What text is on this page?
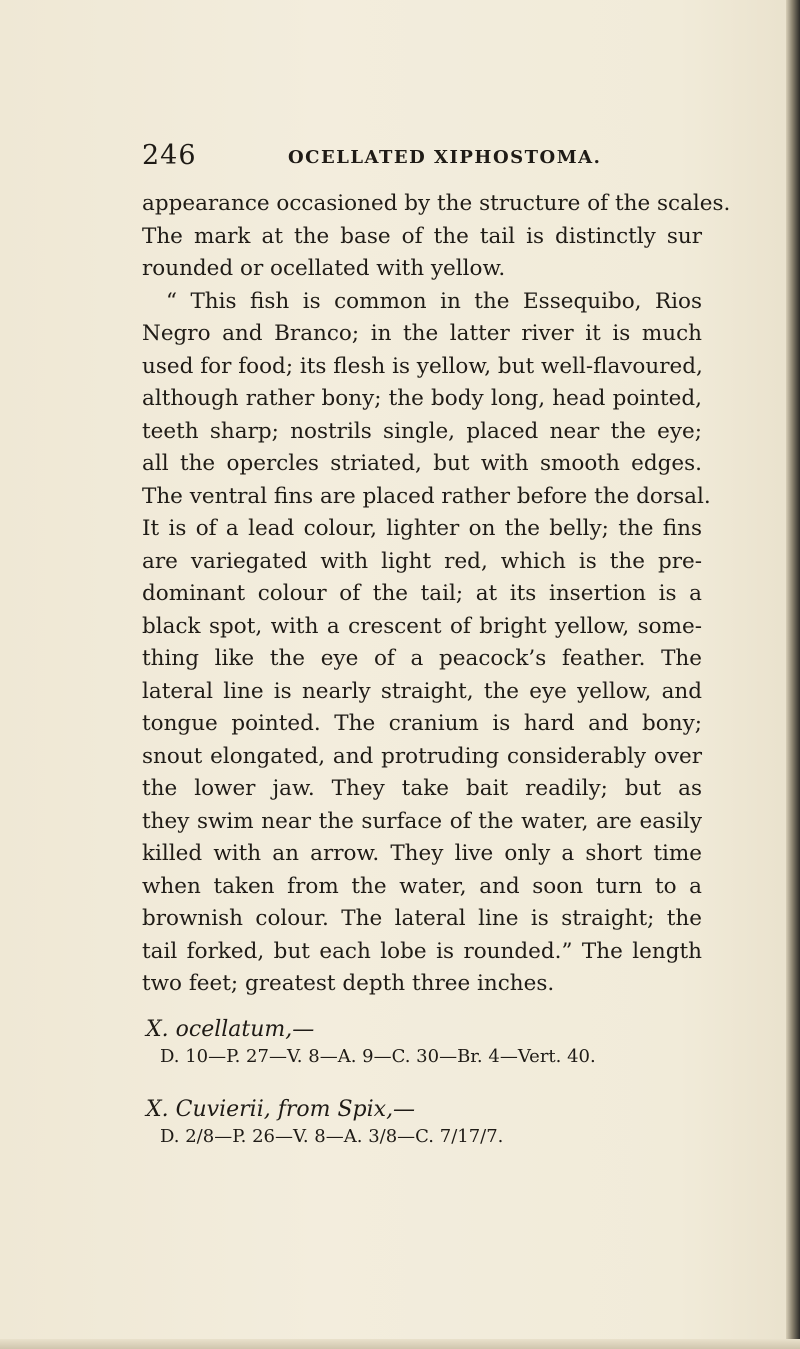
246	OCELLATED XIPHOSTOMA.
appearance occasioned by the structure of the scales.
The mark at the base of the tail is distinctly sur
rounded or ocellated with yellow.
“ This fish is common in the Essequibo, Rios
Negro and Branco; in the latter river it is much
used for food; its flesh is yellow, but well-flavoured,
although rather bony; the body long, head pointed,
teeth sharp; nostrils single, placed near the eye;
all the opercles striated, but with smooth edges.
The ventral fins are placed rather before the dorsal.
It is of a lead colour, lighter on the belly; the fins
are variegated with light red, which is the pre-
dominant colour of the tail; at its insertion is a
black spot, with a crescent of bright yellow, some-
thing like the eye of a peacock’s feather. The
lateral line is nearly straight, the eye yellow, and
tongue pointed. The cranium is hard and bony;
snout elongated, and protruding considerably over
the lower jaw. They take bait readily; but as
they swim near the surface of the water, are easily
killed with an arrow. They live only a short time
when taken from the water, and soon turn to a
brownish colour. The lateral line is straight; the
tail forked, but each lobe is rounded.” The length
two feet; greatest depth three inches.
X. ocellatum,—
D. 10—P. 27—V. 8—A. 9—C. 30—Br. 4—Vert. 40.
X. Cuvierii, from Spix,—
D. 2/8—P. 26—V. 8—A. 3/8—C. 7/17/7.
